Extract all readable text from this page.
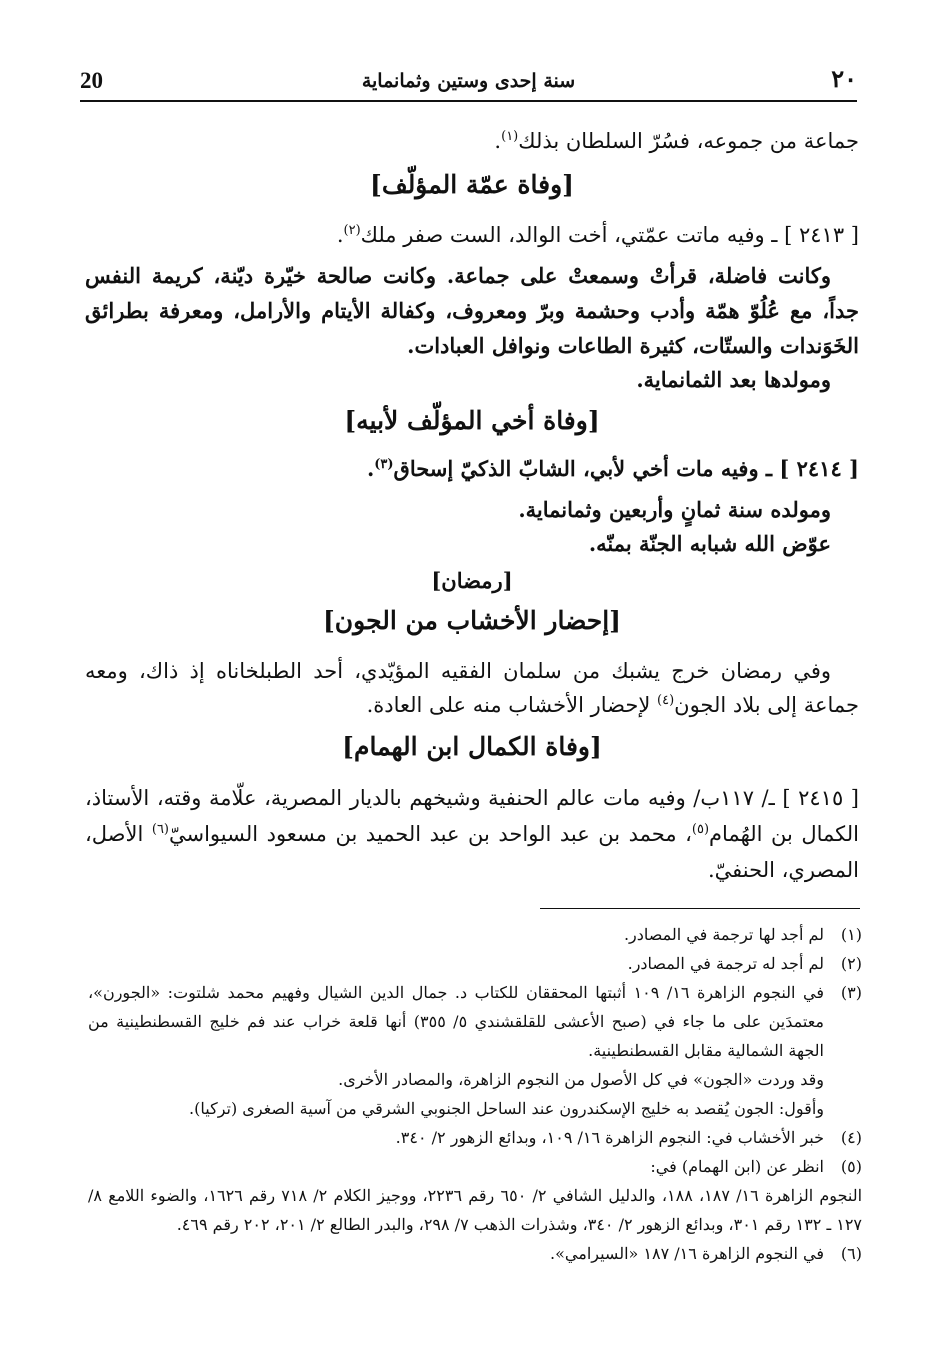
20	سنة إحدى وستين وثمانماية	٢٠
جماعة من جموعه، فسُرّ السلطان بذلك$^{(١)}$.
[وفاة عمّة المؤلّف]
[ ٢٤١٣ ] ـ وفيه ماتت عمّتي، أخت الوالد، الست صفر ملك$^{(٢)}$.
وكانت فاضلة، قرأتْ وسمعتْ على جماعة. وكانت صالحة خيّرة ديّنة، كريمة النفس جداً، مع عُلُوّ همّة وأدب وحشمة وبرّ ومعروف، وكفالة الأيتام والأرامل، ومعرفة بطرائق الخَوَندات والستّات، كثيرة الطاعات ونوافل العبادات.
ومولدها بعد الثمانماية.
[وفاة أخي المؤلّف لأبيه]
[ ٢٤١٤ ] ـ وفيه مات أخي لأبي، الشابّ الذكيّ إسحاق$^{(٣)}$.
ومولده سنة ثمانٍ وأربعين وثمانماية.
عوّض الله شبابه الجنّة بمنّه.
[رمضان]
[إحضار الأخشاب من الجون]
وفي رمضان خرج يشبك من سلمان الفقيه المؤيّدي، أحد الطبلخاناه إذ ذاك، ومعه جماعة إلى بلاد الجون$^{(٤)}$ لإحضار الأخشاب منه على العادة.
[وفاة الكمال ابن الهمام]
[ ٢٤١٥ ] ـ/ ١١٧ب/ وفيه مات عالم الحنفية وشيخهم بالديار المصرية، علّامة وقته، الأستاذ، الكمال بن الهُمام$^{(٥)}$، محمد بن عبد الواحد بن عبد الحميد بن مسعود السيواسيّ$^{(٦)}$ الأصل، المصري، الحنفيّ.
(١)

لم أجد لها ترجمة في المصادر.

(٢)

لم أجد له ترجمة في المصادر.

(٣)

في النجوم الزاهرة ١٦/ ١٠٩ أثبتها المحققان للكتاب د. جمال الدين الشيال وفهيم محمد شلتوت: «الجورن»، معتمدَين على ما جاء في (صبح الأعشى للقلقشندي ٥/ ٣٥٥) أنها قلعة خراب عند فم خليج القسطنطينية من الجهة الشمالية مقابل القسطنطينية.

وقد وردت «الجون» في كل الأصول من النجوم الزاهرة، والمصادر الأخرى.

وأقول: الجون يُقصد به خليج الإسكندرون عند الساحل الجنوبي الشرقي من آسية الصغرى (تركيا).

(٤)

خبر الأخشاب في: النجوم الزاهرة ١٦/ ١٠٩، وبدائع الزهور ٢/ ٣٤٠.

(٥)

انظر عن (ابن الهمام) في:

النجوم الزاهرة ١٦/ ١٨٧، ١٨٨، والدليل الشافي ٢/ ٦٥٠ رقم ٢٢٣٦، ووجيز الكلام ٢/ ٧١٨ رقم ١٦٢٦، والضوء اللامع ٨/ ١٢٧ ـ ١٣٢ رقم ٣٠١، وبدائع الزهور ٢/ ٣٤٠، وشذرات الذهب ٧/ ٢٩٨، والبدر الطالع ٢/ ٢٠١، ٢٠٢ رقم ٤٦٩.

(٦)

في النجوم الزاهرة ١٦/ ١٨٧ «السيرامي».
